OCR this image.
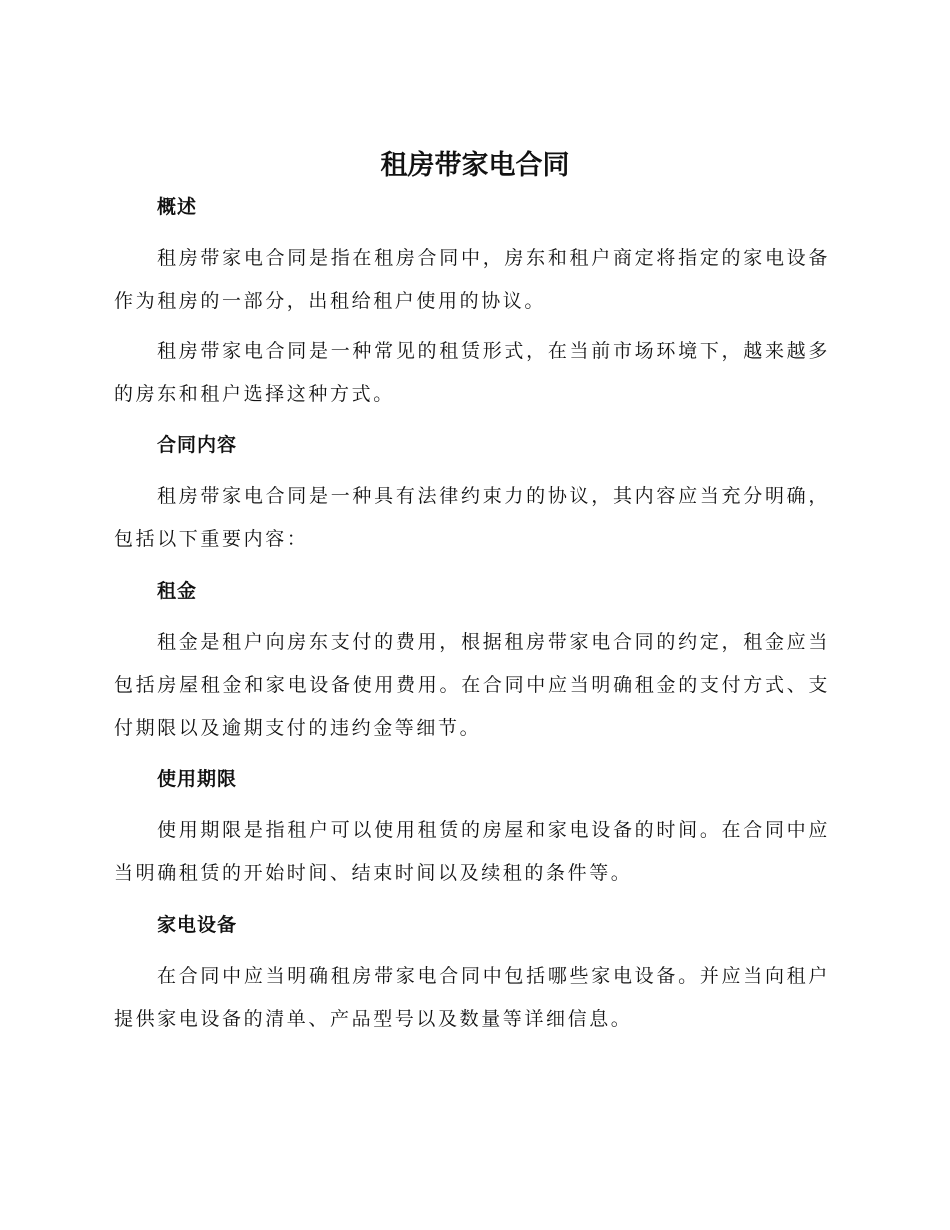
租房带家电合同
概述

租房带家电合同是指在租房合同中，房东和租户商定将指定的家电设备作为租房的一部分，出租给租户使用的协议。

租房带家电合同是一种常见的租赁形式，在当前市场环境下，越来越多的房东和租户选择这种方式。

合同内容

租房带家电合同是一种具有法律约束力的协议，其内容应当充分明确，包括以下重要内容：

租金

租金是租户向房东支付的费用，根据租房带家电合同的约定，租金应当包括房屋租金和家电设备使用费用。在合同中应当明确租金的支付方式、支付期限以及逾期支付的违约金等细节。

使用期限

使用期限是指租户可以使用租赁的房屋和家电设备的时间。在合同中应当明确租赁的开始时间、结束时间以及续租的条件等。

家电设备

在合同中应当明确租房带家电合同中包括哪些家电设备。并应当向租户提供家电设备的清单、产品型号以及数量等详细信息。
